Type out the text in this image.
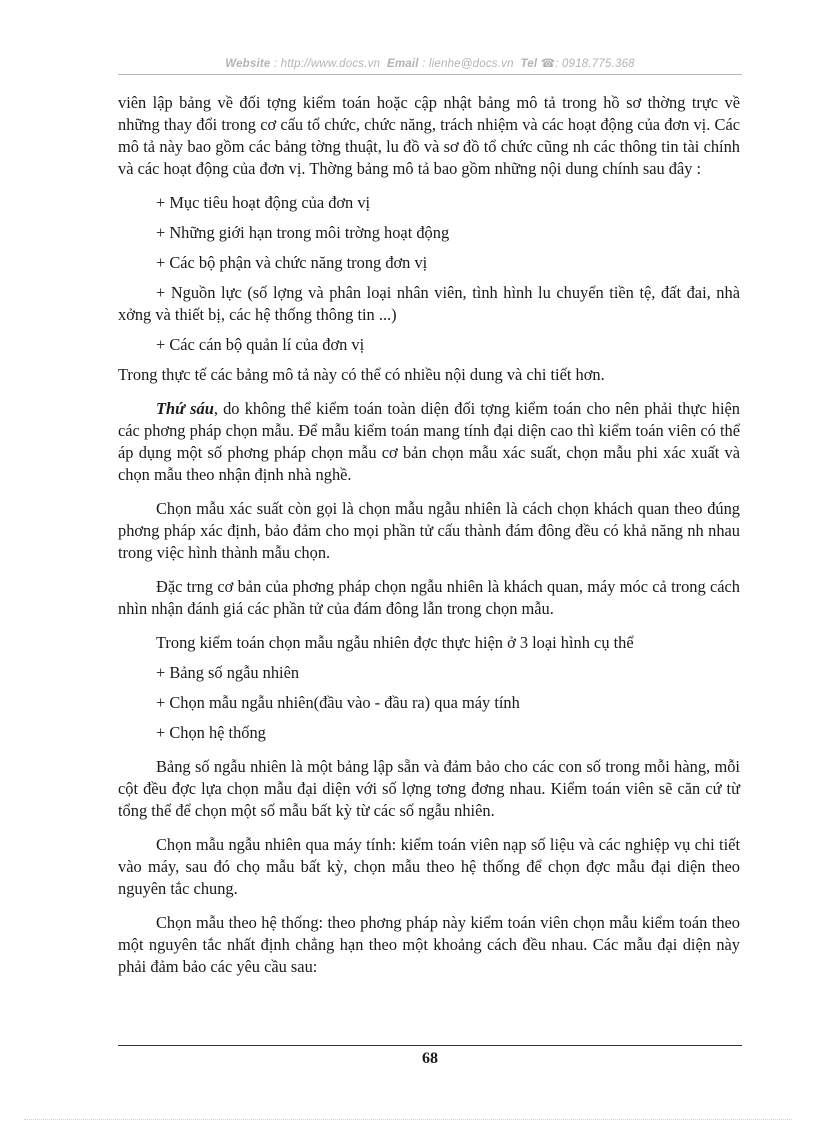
Website : http://www.docs.vn Email : lienhe@docs.vn Tel ☎: 0918.775.368

viên lập bảng về đối tợng kiểm toán hoặc cập nhật bảng mô tả trong hồ sơ thờng trực về những thay đổi trong cơ cấu tổ chức, chức năng, trách nhiệm và các hoạt động của đơn vị. Các mô tả này bao gồm các bảng tờng thuật, lu đồ và sơ đồ tổ chức cũng nh các thông tin tài chính và các hoạt động của đơn vị. Thờng bảng mô tả bao gồm những nội dung chính sau đây :

+ Mục tiêu hoạt động của đơn vị

+ Những giới hạn trong môi trờng hoạt động

+ Các bộ phận và chức năng trong đơn vị

+ Nguồn lực (số lợng và phân loại nhân viên, tình hình lu chuyển tiền tệ, đất đai, nhà xởng và thiết bị, các hệ thống thông tin ...)

+ Các cán bộ quản lí của đơn vị

Trong thực tế các bảng mô tả này có thể có nhiều nội dung và chi tiết hơn.

Thứ sáu, do không thể kiểm toán toàn diện đối tợng kiểm toán cho nên phải thực hiện các phơng pháp chọn mẫu. Để mẫu kiểm toán mang tính đại diện cao thì kiểm toán viên có thể áp dụng một số phơng pháp chọn mẫu cơ bản chọn mẫu xác suất, chọn mẫu phi xác xuất và chọn mẫu theo nhận định nhà nghề.

Chọn mẫu xác suất còn gọi là chọn mẫu ngẫu nhiên là cách chọn khách quan theo đúng phơng pháp xác định, bảo đảm cho mọi phần tử cấu thành đám đông đều có khả năng nh nhau trong việc hình thành mẫu chọn.

Đặc trng cơ bản của phơng pháp chọn ngẫu nhiên là khách quan, máy móc cả trong cách nhìn nhận đánh giá các phần tử của đám đông lẫn trong chọn mẫu.

Trong kiểm toán chọn mẫu ngẫu nhiên đợc thực hiện ở 3 loại hình cụ thể

+ Bảng số ngẫu nhiên

+ Chọn mẫu ngẫu nhiên(đầu vào - đầu ra) qua máy tính

+ Chọn hệ thống

Bảng số ngẫu nhiên là một bảng lập sẵn và đảm bảo cho các con số trong mỗi hàng, mỗi cột đều đợc lựa chọn mẫu đại diện với số lợng tơng đơng nhau. Kiểm toán viên sẽ căn cứ từ tổng thể để chọn một số mẫu bất kỳ từ các số ngẫu nhiên.

Chọn mẫu ngẫu nhiên qua máy tính: kiểm toán viên nạp số liệu và các nghiệp vụ chi tiết vào máy, sau đó chọ mẫu bất kỳ, chọn mẫu theo hệ thống để chọn đợc mẫu đại diện theo nguyên tắc chung.

Chọn mẫu theo hệ thống: theo phơng pháp này kiểm toán viên chọn mẫu kiểm toán theo một nguyên tắc nhất định chẳng hạn theo một khoảng cách đều nhau. Các mẫu đại diện này phải đảm bảo các yêu cầu sau:

68
